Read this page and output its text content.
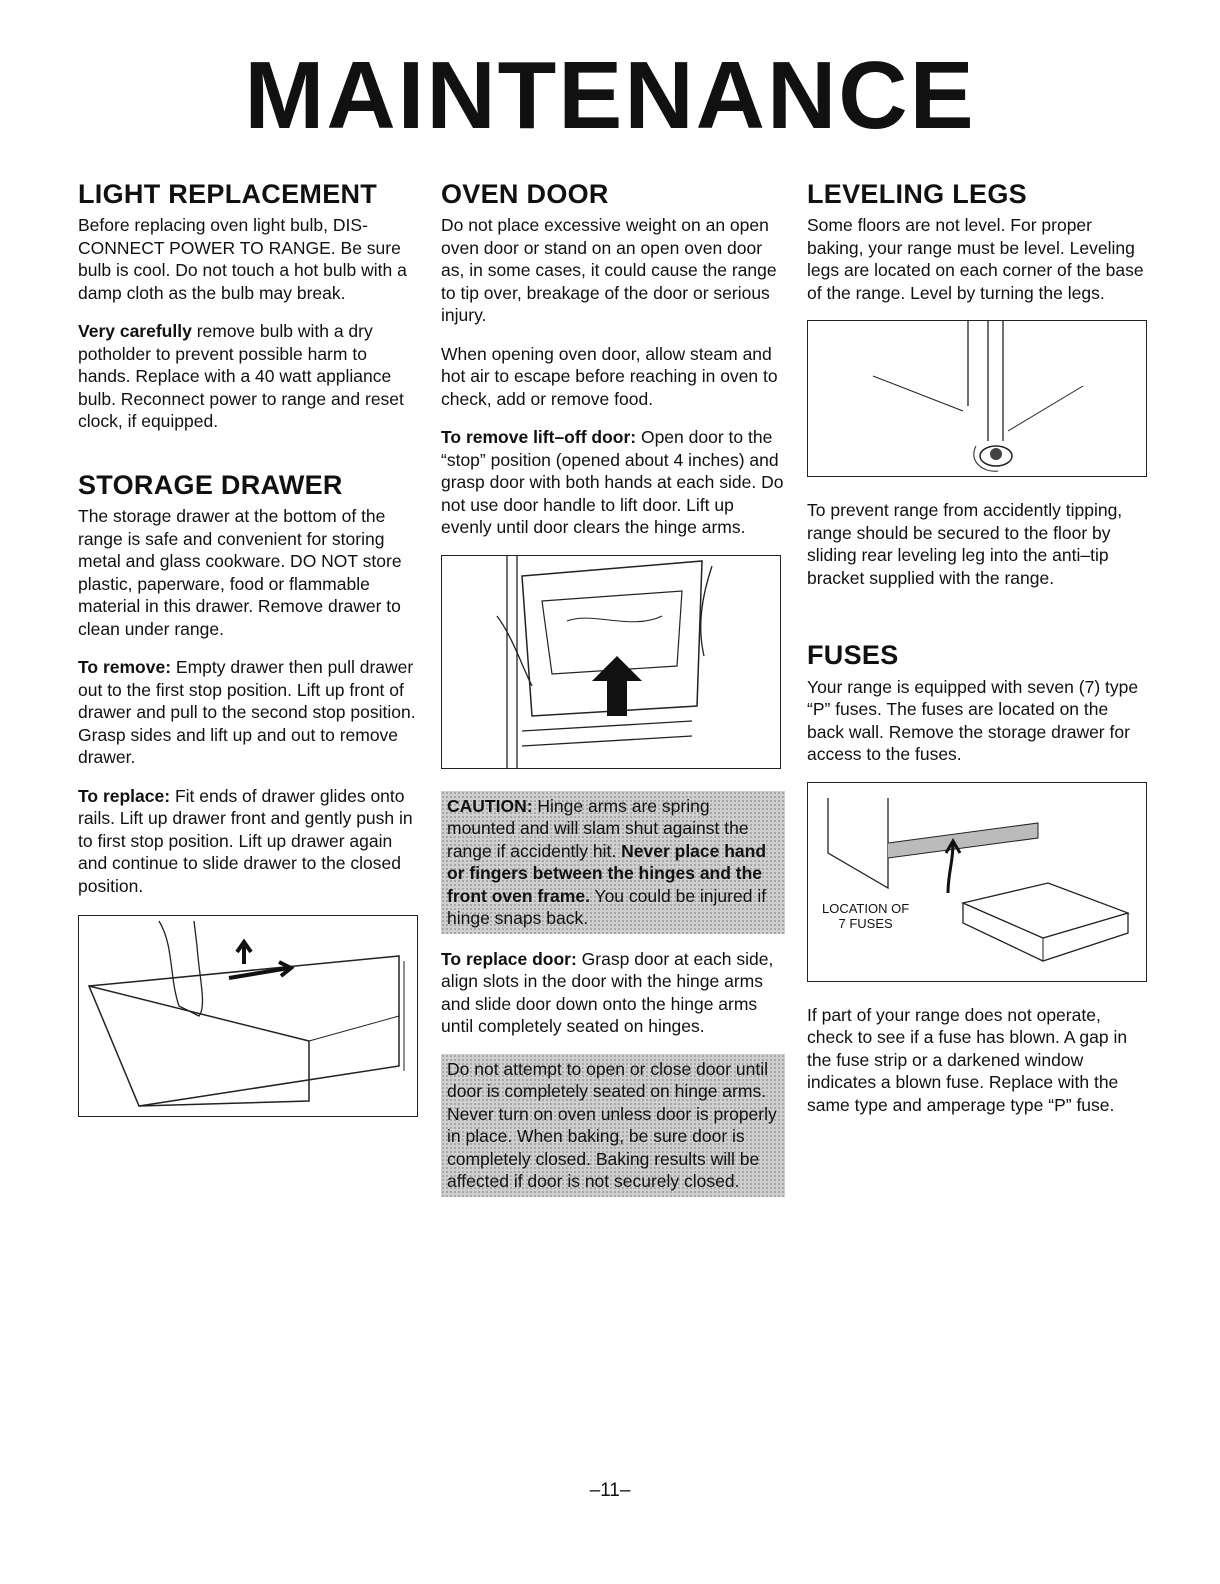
MAINTENANCE
LIGHT REPLACEMENT

Before replacing oven light bulb, DISCONNECT POWER TO RANGE. Be sure bulb is cool. Do not touch a hot bulb with a damp cloth as the bulb may break.

Very carefully remove bulb with a dry potholder to prevent possible harm to hands. Replace with a 40 watt appliance bulb. Reconnect power to range and reset clock, if equipped.

STORAGE DRAWER

The storage drawer at the bottom of the range is safe and convenient for storing metal and glass cookware. DO NOT store plastic, paperware, food or flammable material in this drawer. Remove drawer to clean under range.

To remove: Empty drawer then pull drawer out to the first stop position. Lift up front of drawer and pull to the second stop position. Grasp sides and lift up and out to remove drawer.

To replace: Fit ends of drawer glides onto rails. Lift up drawer front and gently push in to first stop position. Lift up drawer again and continue to slide drawer to the closed position.

OVEN DOOR

Do not place excessive weight on an open oven door or stand on an open oven door as, in some cases, it could cause the range to tip over, breakage of the door or serious injury.

When opening oven door, allow steam and hot air to escape before reaching in oven to check, add or remove food.

To remove lift–off door: Open door to the “stop” position (opened about 4 inches) and grasp door with both hands at each side. Do not use door handle to lift door. Lift up evenly until door clears the hinge arms.

CAUTION: Hinge arms are spring mounted and will slam shut against the range if accidently hit. Never place hand or fingers between the hinges and the front oven frame. You could be injured if hinge snaps back.

To replace door: Grasp door at each side, align slots in the door with the hinge arms and slide door down onto the hinge arms until completely seated on hinges.

Do not attempt to open or close door until door is completely seated on hinge arms. Never turn on oven unless door is properly in place. When baking, be sure door is completely closed. Baking results will be affected if door is not securely closed.

LEVELING LEGS

Some floors are not level. For proper baking, your range must be level. Leveling legs are located on each corner of the base of the range. Level by turning the legs.

To prevent range from accidently tipping, range should be secured to the floor by sliding rear leveling leg into the anti–tip bracket supplied with the range.

FUSES

Your range is equipped with seven (7) type “P” fuses. The fuses are located on the back wall. Remove the storage drawer for access to the fuses.

LOCATION OF
7 FUSES

If part of your range does not operate, check to see if a fuse has blown. A gap in the fuse strip or a darkened window indicates a blown fuse. Replace with the same type and amperage type “P” fuse.

–11–
